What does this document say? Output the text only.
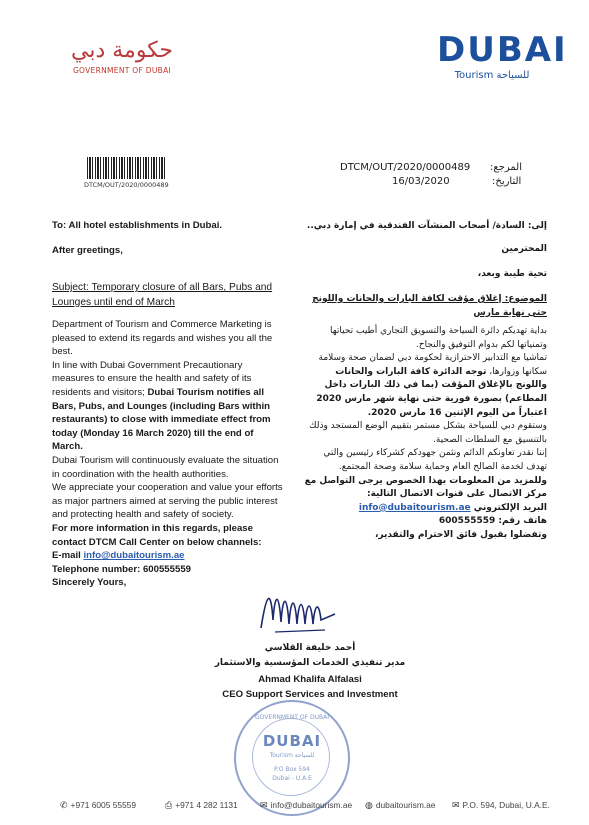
حكومة دبي
GOVERNMENT OF DUBAI
DUBAI
Tourism للسياحة
DTCM/OUT/2020/0000489
DTCM/OUT/2020/0000489
16/03/2020
المرجع:
التاريخ:

To: All hotel establishments in Dubai.

After greetings,

Subject: Temporary closure of all Bars, Pubs and Lounges until end of March

Department of Tourism and Commerce Marketing is pleased to extend its regards and wishes you all the best.

In line with Dubai Government Precautionary measures to ensure the health and safety of its residents and visitors; Dubai Tourism notifies all Bars, Pubs, and Lounges (including Bars within restaurants) to close with immediate effect from today (Monday 16 March 2020) till the end of March.

Dubai Tourism will continuously evaluate the situation in coordination with the health authorities.

We appreciate your cooperation and value your efforts as major partners aimed at serving the public interest and protecting health and safety of society.

For more information in this regards, please contact DTCM Call Center on below channels:

E-mail info@dubaitourism.ae

Telephone number: 600555559

Sincerely Yours,

إلى: السادة/ أصحاب المنشآت الفندقية في إمارة دبي..

المحترمين

تحية طيبة وبعد،

الموضوع: إغلاق مؤقت لكافة البارات والحانات واللونج حتى نهاية مارس

بداية تهديكم دائرة السياحة والتسويق التجاري أطيب تحياتها وتمنياتها لكم بدوام التوفيق والنجاح.

تماشيا مع التدابير الاحترازية لحكومة دبي لضمان صحة وسلامة سكانها وزوارها، توجه الدائرة كافة البارات والحانات واللونج بالإغلاق المؤقت (بما في ذلك البارات داخل المطاعم) بصورة فورية حتى نهاية شهر مارس 2020 اعتباراً من اليوم الإثنين 16 مارس 2020.

وستقوم دبي للسياحة بشكل مستمر بتقييم الوضع المستجد وذلك بالتنسيق مع السلطات الصحية.

إننا نقدر تعاونكم الدائم ونثمن جهودكم كشركاء رئيسين والتي تهدف لخدمة الصالح العام وحماية سلامة وصحة المجتمع.

وللمزيد من المعلومات بهذا الخصوص يرجى التواصل مع مركز الاتصال على قنوات الاتصال التالية:

البريد الإلكتروني info@dubaitourism.ae

هاتف رقم: 600555559

وتفضلوا بقبول فائق الاحترام والتقدير،

أحمد خليفة القلاسي
مدير تنفيذي الخدمات المؤسسية والاستثمار
Ahmad Khalifa Alfalasi
CEO Support Services and Investment
GOVERNMENT OF DUBAI
DUBAI
Tourism للسياحة
P.O Box 594
Dubai - U.A.E
✆ +971 6005 55559	⎙ +971 4 282 1131 ✉ info@dubaitourism.ae ◍ dubaitourism.ae ✉ P.O. 594, Dubai, U.A.E.
